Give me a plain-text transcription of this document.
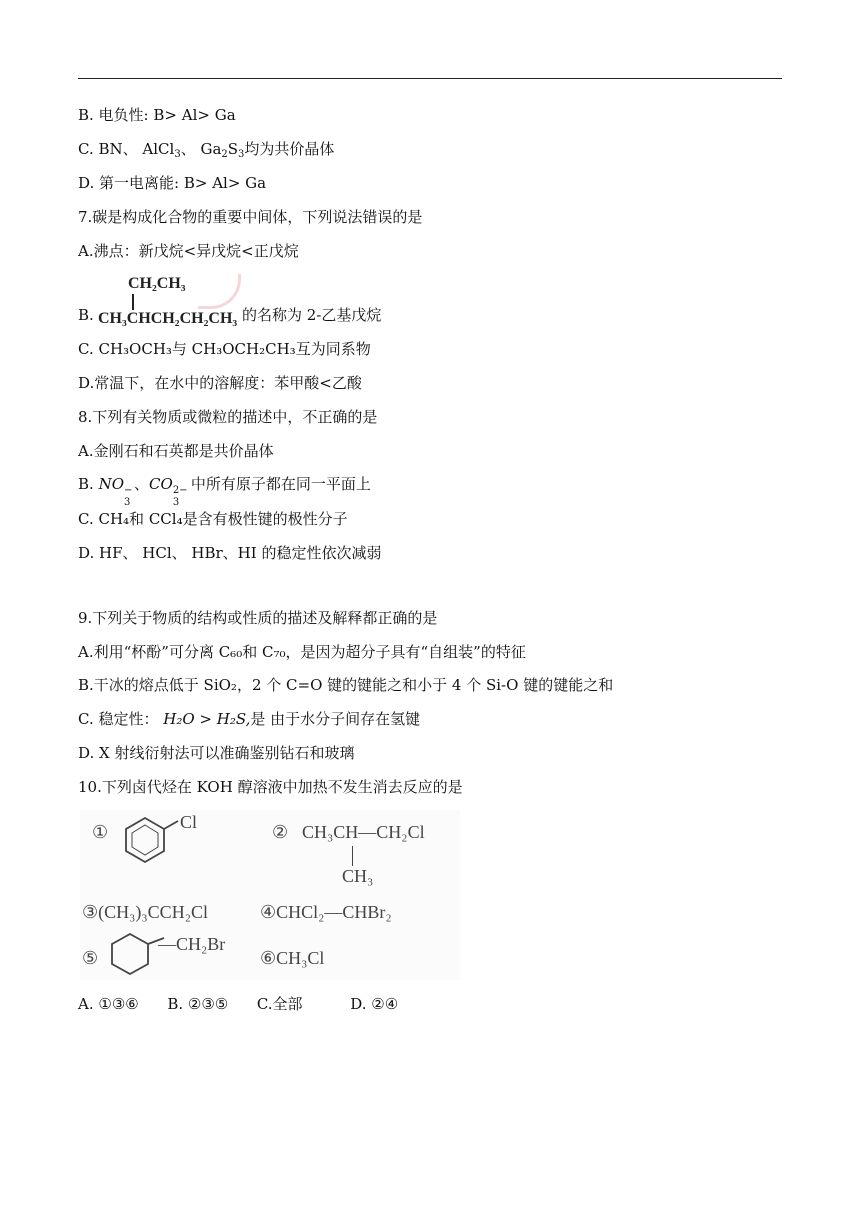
B. 电负性: B> Al> Ga
C. BN、 AlCl$_3$、 $Ga_2S_3$均为共价晶体
D. 第一电离能: B> Al> Ga
7.碳是构成化合物的重要中间体，下列说法错误的是
A.沸点：新戊烷<异戊烷<正戊烷
B.
CH₂CH₃
CH₃CHCH₂CH₂CH₃ 的名称为 2-乙基戊烷
C. CH₃OCH₃与 CH₃OCH₂CH₃互为同系物
D.常温下，在水中的溶解度：苯甲酸<乙酸
8.下列有关物质或微粒的描述中，不正确的是
A.金刚石和石英都是共价晶体
B. NO −
3
、CO 2−
3
中所有原子都在同一平面上
C. CH₄和 CCl₄是含有极性键的极性分子
D. HF、 HCl、 HBr、HI 的稳定性依次减弱
9.下列关于物质的结构或性质的描述及解释都正确的是
A.利用“杯酚”可分离 C₆₀和 C₇₀，是因为超分子具有“自组装”的特征
B.干冰的熔点低于 SiO₂，2 个 C=O 键的键能之和小于 4 个 Si-O 键的键能之和
C. 稳定性： H₂O > H₂S,是 由于水分子间存在氢键
D. X 射线衍射法可以准确鉴别钻石和玻璃
10.下列卤代烃在 KOH 醇溶液中加热不发生消去反应的是
①	Cl	② CH₃CH—CH₂Cl
CH₃
③(CH₃)₃CCH₂Cl	④CHCl₂—CHBr₂
⑤
—CH₂Br
⑥CH₃Cl
A. ①③⑥      B. ②③⑤      C.全部          D. ②④
